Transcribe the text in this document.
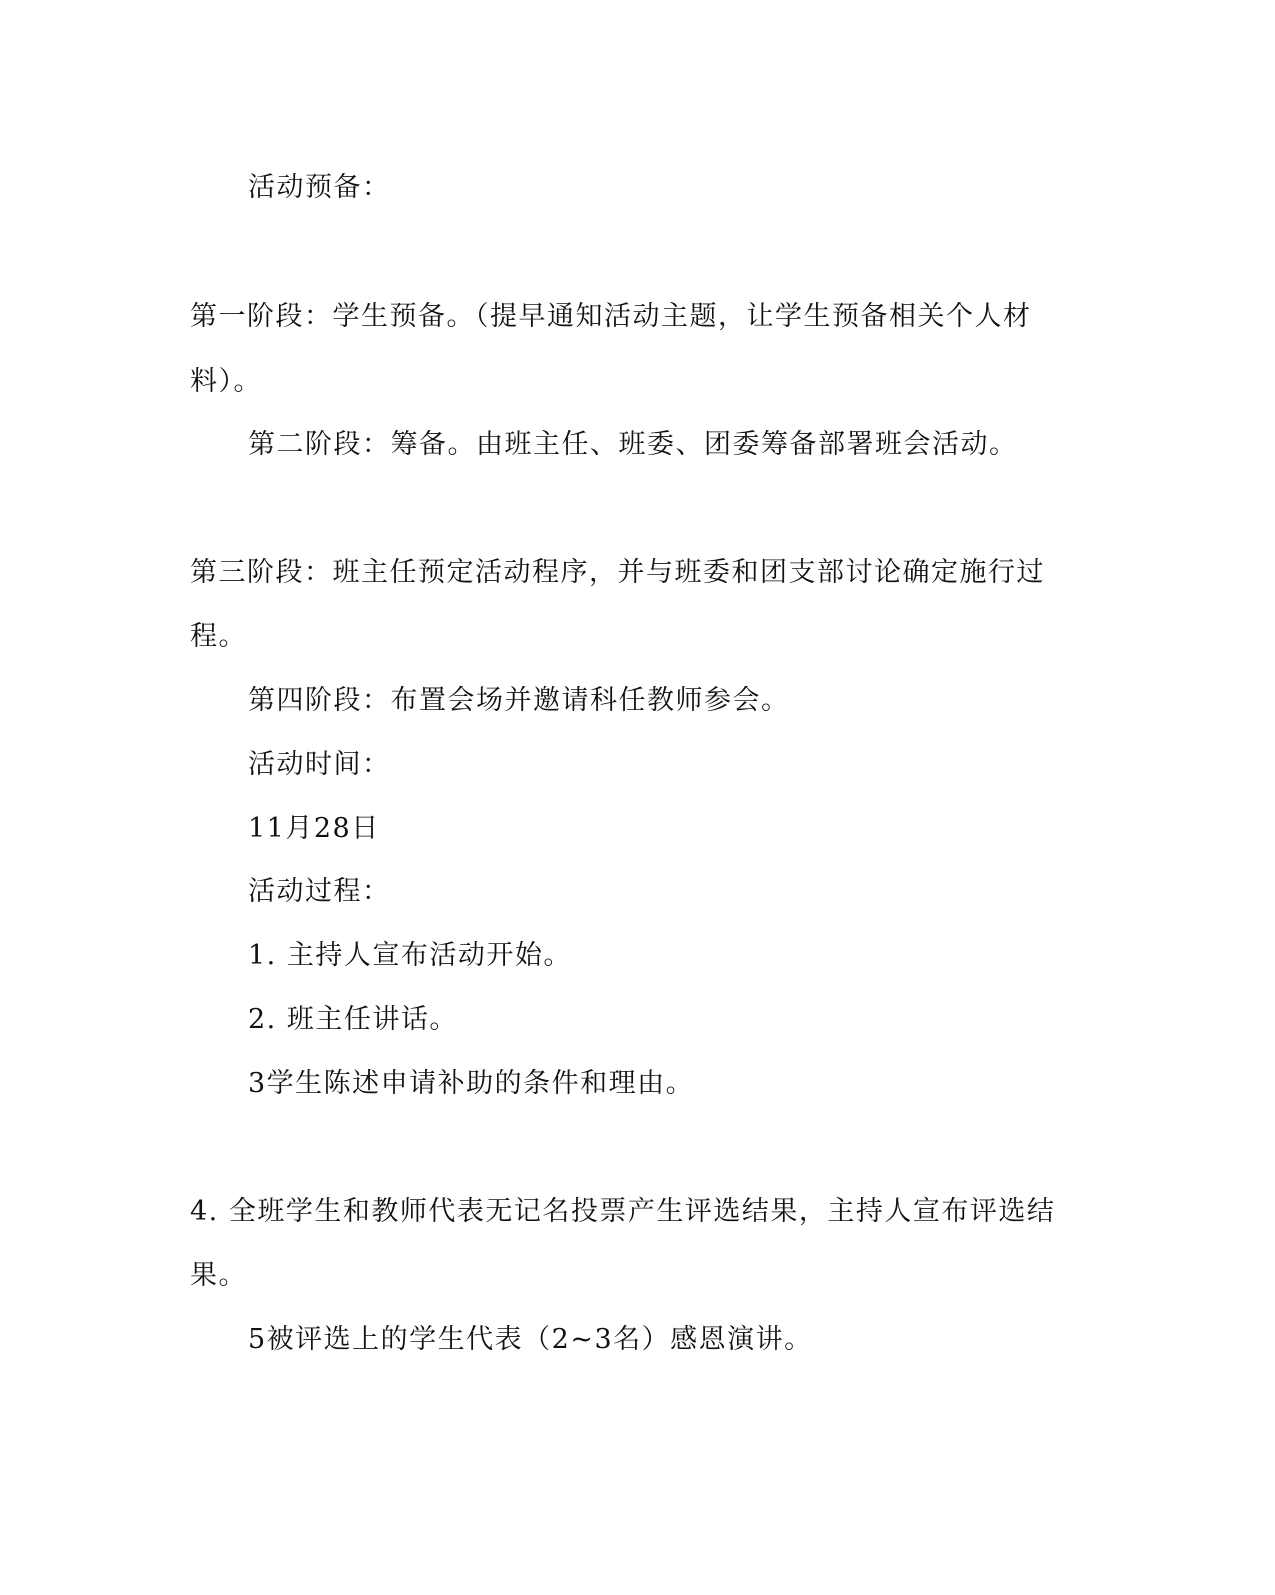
活动预备：
第一阶段：学生预备。（提早通知活动主题，让学生预备相关个人材
料）。
第二阶段：筹备。由班主任、班委、团委筹备部署班会活动。
第三阶段：班主任预定活动程序，并与班委和团支部讨论确定施行过
程。
第四阶段：布置会场并邀请科任教师参会。
活动时间：
11月28日
活动过程：
1. 主持人宣布活动开始。
2. 班主任讲话。
3学生陈述申请补助的条件和理由。
4. 全班学生和教师代表无记名投票产生评选结果，主持人宣布评选结
果。
5被评选上的学生代表（2~3名）感恩演讲。
